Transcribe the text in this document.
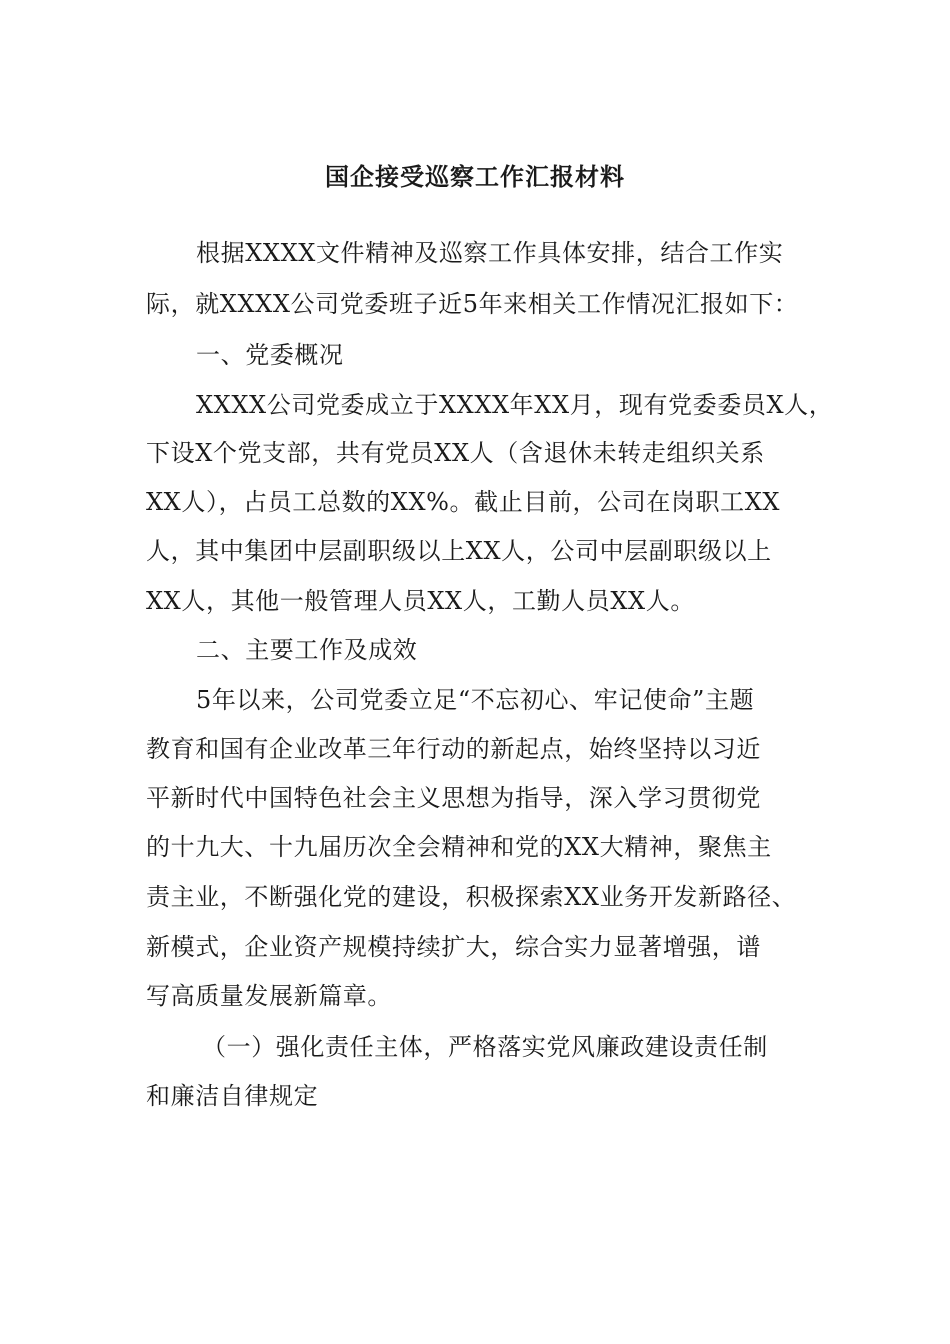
国企接受巡察工作汇报材料
根据XXXX文件精神及巡察工作具体安排，结合工作实
际，就XXXX公司党委班子近5年来相关工作情况汇报如下：
一、党委概况
XXXX公司党委成立于XXXX年XX月，现有党委委员X人，
下设X个党支部，共有党员XX人（含退休未转走组织关系
XX人），占员工总数的XX%。截止目前，公司在岗职工XX
人，其中集团中层副职级以上XX人，公司中层副职级以上
XX人，其他一般管理人员XX人，工勤人员XX人。
二、主要工作及成效
5年以来，公司党委立足“不忘初心、牢记使命”主题
教育和国有企业改革三年行动的新起点，始终坚持以习近
平新时代中国特色社会主义思想为指导，深入学习贯彻党
的十九大、十九届历次全会精神和党的XX大精神，聚焦主
责主业，不断强化党的建设，积极探索XX业务开发新路径、
新模式，企业资产规模持续扩大，综合实力显著增强，谱
写高质量发展新篇章。
（一）强化责任主体，严格落实党风廉政建设责任制
和廉洁自律规定
